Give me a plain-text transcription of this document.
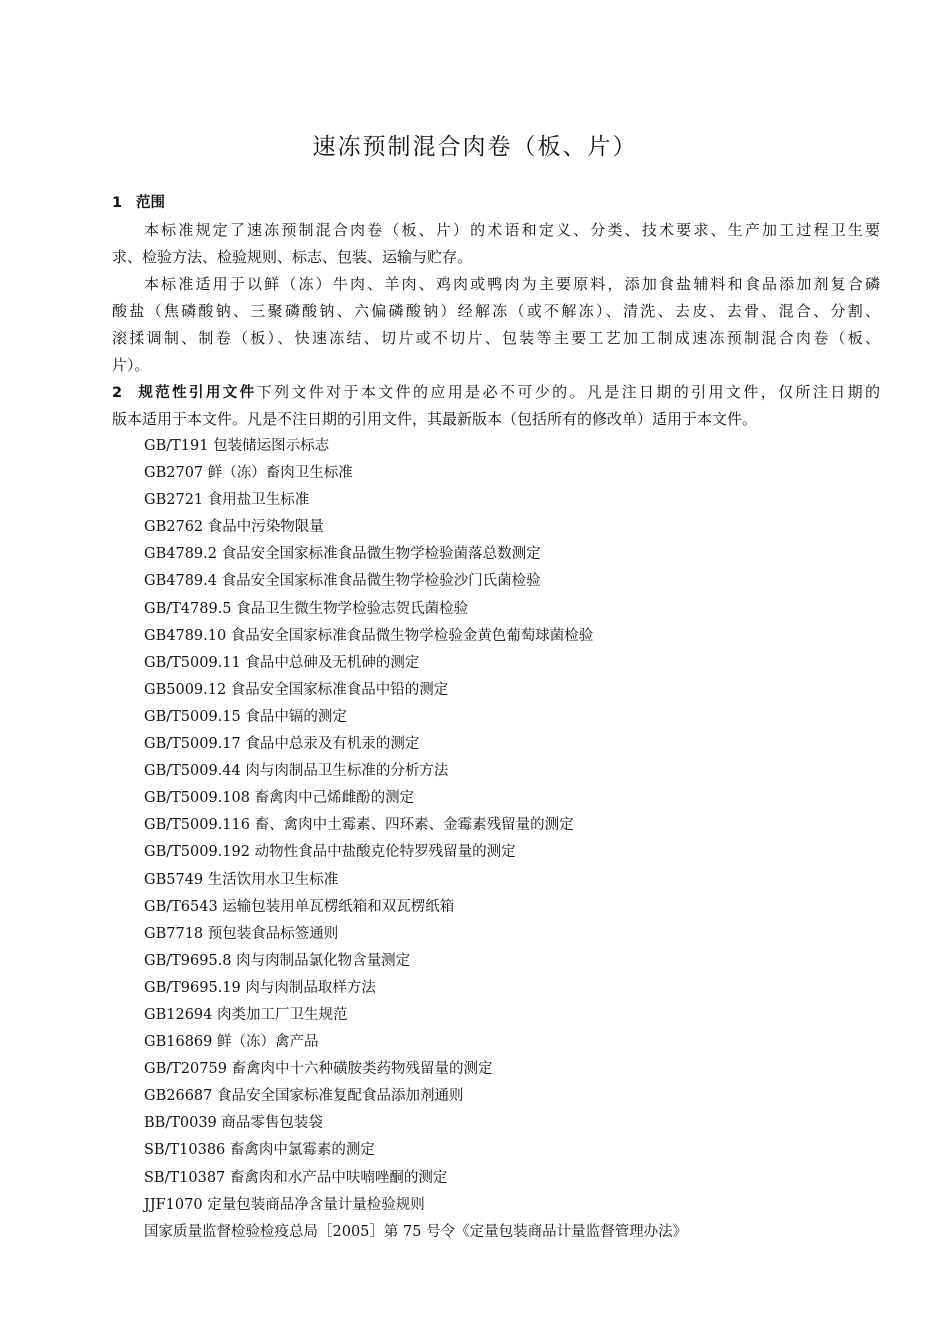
速冻预制混合肉卷（板、片）
1 范围
本标准规定了速冻预制混合肉卷（板、片）的术语和定义、分类、技术要求、生产加工过程卫生要
求、检验方法、检验规则、标志、包装、运输与贮存。
本标准适用于以鲜（冻）牛肉、羊肉、鸡肉或鸭肉为主要原料，添加食盐辅料和食品添加剂复合磷
酸盐（焦磷酸钠、三聚磷酸钠、六偏磷酸钠）经解冻（或不解冻）、清洗、去皮、去骨、混合、分割、
滚揉调制、制卷（板）、快速冻结、切片或不切片、包装等主要工艺加工制成速冻预制混合肉卷（板、
片）。
2 规范性引用文件下列文件对于本文件的应用是必不可少的。凡是注日期的引用文件，仅所注日期的
版本适用于本文件。凡是不注日期的引用文件，其最新版本（包括所有的修改单）适用于本文件。
GB/T191 包装储运图示标志
GB2707 鲜（冻）畜肉卫生标准
GB2721 食用盐卫生标准
GB2762 食品中污染物限量
GB4789.2 食品安全国家标准食品微生物学检验菌落总数测定
GB4789.4 食品安全国家标准食品微生物学检验沙门氏菌检验
GB/T4789.5 食品卫生微生物学检验志贺氏菌检验
GB4789.10 食品安全国家标准食品微生物学检验金黄色葡萄球菌检验
GB/T5009.11 食品中总砷及无机砷的测定
GB5009.12 食品安全国家标准食品中铅的测定
GB/T5009.15 食品中镉的测定
GB/T5009.17 食品中总汞及有机汞的测定
GB/T5009.44 肉与肉制品卫生标准的分析方法
GB/T5009.108 畜禽肉中己烯雌酚的测定
GB/T5009.116 畜、禽肉中土霉素、四环素、金霉素残留量的测定
GB/T5009.192 动物性食品中盐酸克伦特罗残留量的测定
GB5749 生活饮用水卫生标准
GB/T6543 运输包装用单瓦楞纸箱和双瓦楞纸箱
GB7718 预包装食品标签通则
GB/T9695.8 肉与肉制品氯化物含量测定
GB/T9695.19 肉与肉制品取样方法
GB12694 肉类加工厂卫生规范
GB16869 鲜（冻）禽产品
GB/T20759 畜禽肉中十六种磺胺类药物残留量的测定
GB26687 食品安全国家标准复配食品添加剂通则
BB/T0039 商品零售包装袋
SB/T10386 畜禽肉中氯霉素的测定
SB/T10387 畜禽肉和水产品中呋喃唑酮的测定
JJF1070 定量包装商品净含量计量检验规则
国家质量监督检验检疫总局［2005］第 75 号令《定量包装商品计量监督管理办法》
